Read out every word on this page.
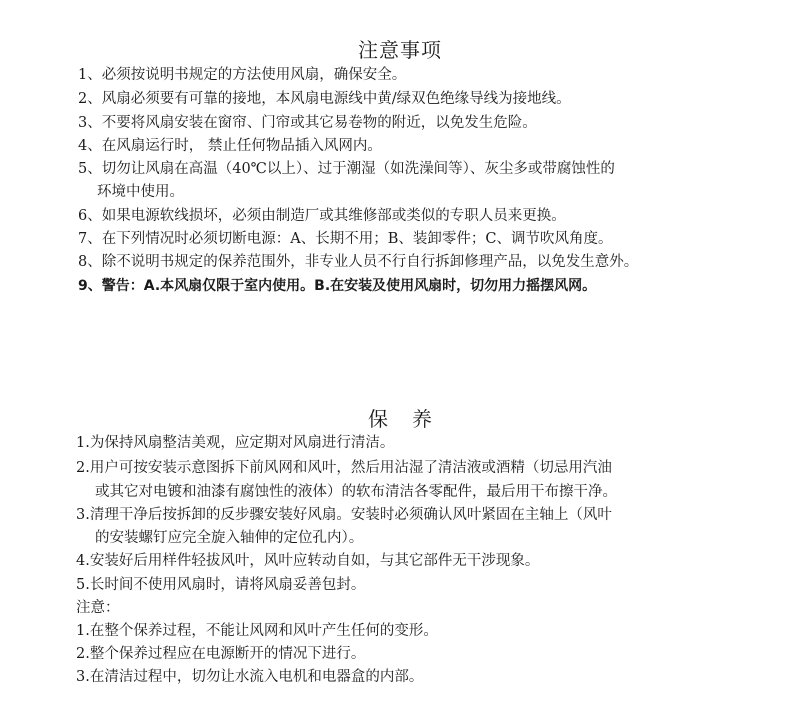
注意事项

1、必须按说明书规定的方法使用风扇，确保安全。

2、风扇必须要有可靠的接地，本风扇电源线中黄/绿双色绝缘导线为接地线。

3、不要将风扇安装在窗帘、门帘或其它易卷物的附近，以免发生危险。

4、在风扇运行时， 禁止任何物品插入风网内。

5、切勿让风扇在高温（40℃以上）、过于潮湿（如洗澡间等）、灰尘多或带腐蚀性的

环境中使用。

6、如果电源软线损坏，必须由制造厂或其维修部或类似的专职人员来更换。

7、在下列情况时必须切断电源：A、长期不用；B、装卸零件；C、调节吹风角度。

8、除不说明书规定的保养范围外，非专业人员不行自行拆卸修理产品，以免发生意外。

9、警告：A.本风扇仅限于室内使用。B.在安装及使用风扇时，切勿用力摇摆风网。

保养

1.为保持风扇整洁美观，应定期对风扇进行清洁。

2.用户可按安装示意图拆下前风网和风叶，然后用沾湿了清洁液或酒精（切忌用汽油

或其它对电镀和油漆有腐蚀性的液体）的软布清洁各零配件，最后用干布擦干净。

3.清理干净后按拆卸的反步骤安装好风扇。安装时必须确认风叶紧固在主轴上（风叶

的安装螺钉应完全旋入轴伸的定位孔内）。

4.安装好后用样件轻拔风叶，风叶应转动自如，与其它部件无干涉现象。

5.长时间不使用风扇时，请将风扇妥善包封。

注意：

1.在整个保养过程，不能让风网和风叶产生任何的变形。

2.整个保养过程应在电源断开的情况下进行。

3.在清洁过程中，切勿让水流入电机和电器盒的内部。
